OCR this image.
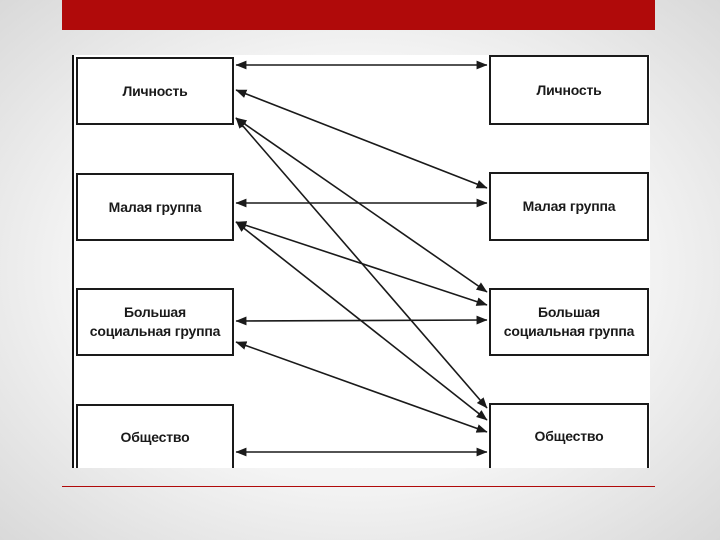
Личность
Малая группа
Большая
социальная группа
Общество
Личность
Малая группа
Большая
социальная группа
Общество
